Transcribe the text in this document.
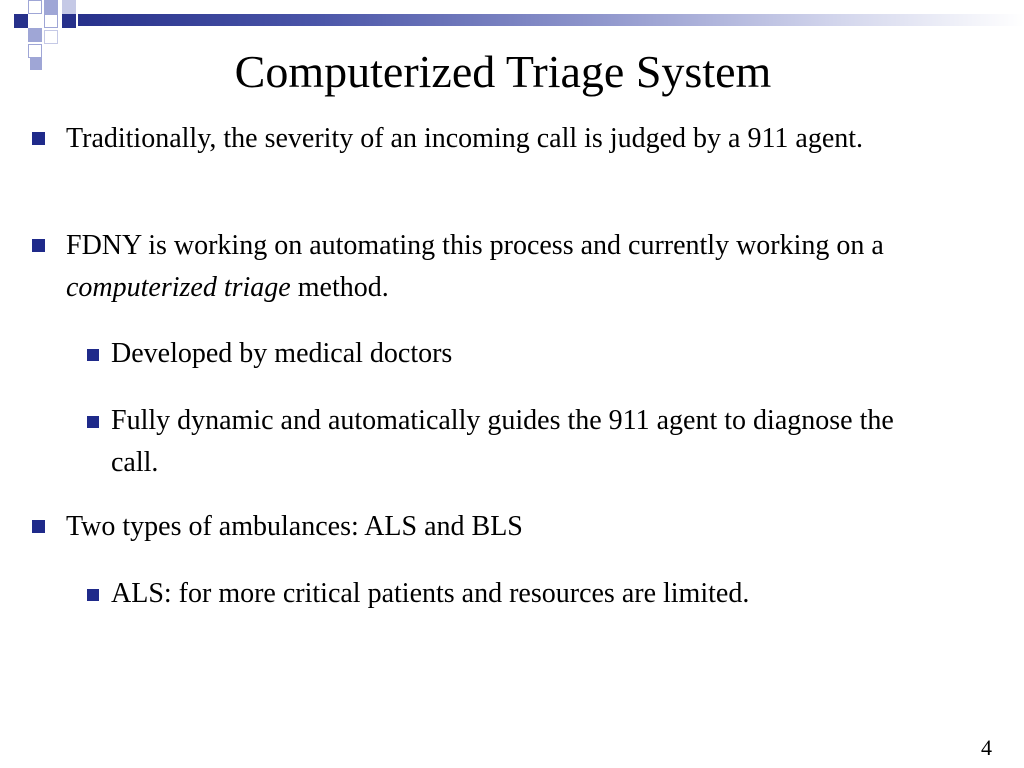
Computerized Triage System
Traditionally, the severity of an incoming call is judged by a 911 agent.
FDNY is working on automating this process and currently working on a computerized triage method.
Developed by medical doctors
Fully dynamic and automatically guides the 911 agent to diagnose the call.
Two types of ambulances: ALS and BLS
ALS: for more critical patients and resources are limited.
4
